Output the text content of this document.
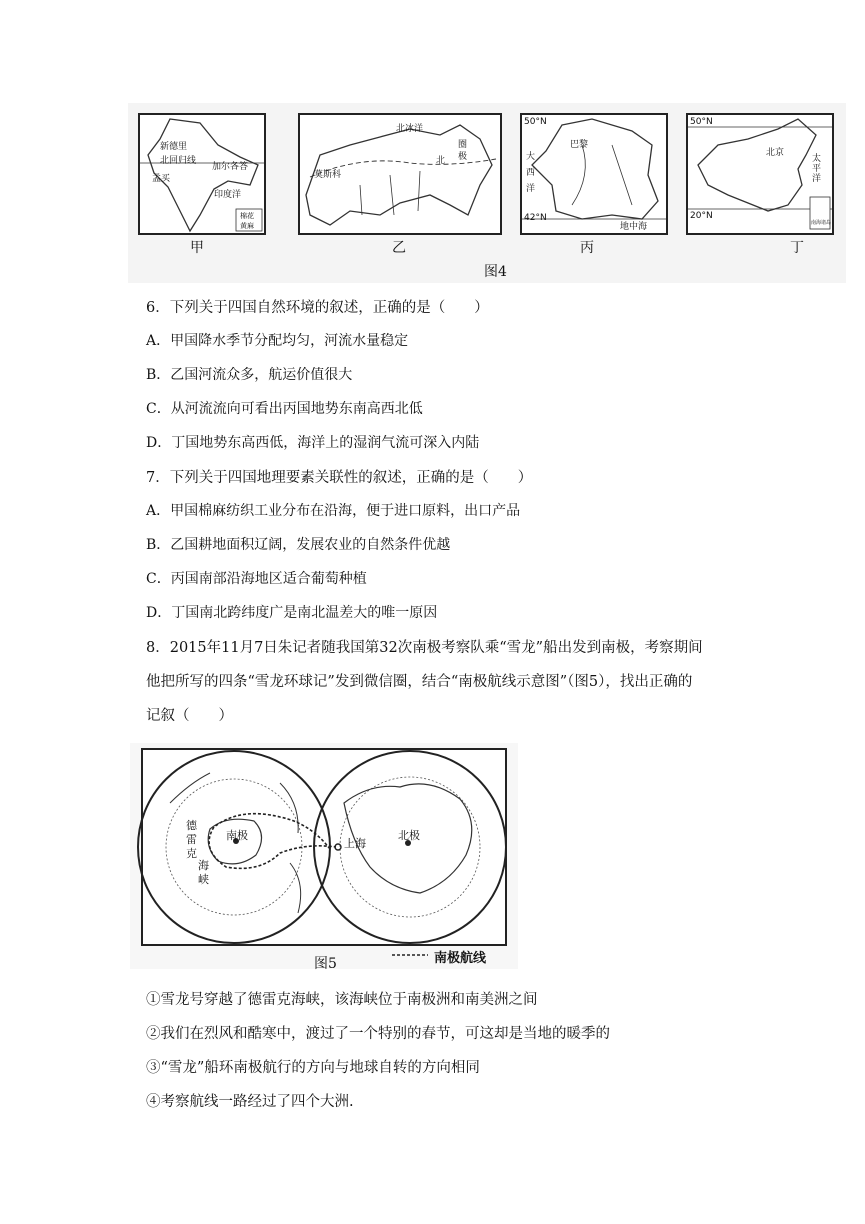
新德里
北回归线
加尔各答
孟买
印度洋
棉花
黄麻
甲
北冰洋
莫斯科
北
圈
极
乙
50°N
巴黎
大
西
洋
42°N
地中海
丙
50°N
北京
太
平
洋
20°N
南海诸岛
丁
图4
6．下列关于四国自然环境的叙述，正确的是（　　）
A．甲国降水季节分配均匀，河流水量稳定
B．乙国河流众多，航运价值很大
C．从河流流向可看出丙国地势东南高西北低
D．丁国地势东高西低，海洋上的湿润气流可深入内陆
7．下列关于四国地理要素关联性的叙述，正确的是（　　）
A．甲国棉麻纺织工业分布在沿海，便于进口原料，出口产品
B．乙国耕地面积辽阔，发展农业的自然条件优越
C．丙国南部沿海地区适合葡萄种植
D．丁国南北跨纬度广是南北温差大的唯一原因
8．2015年11月7日朱记者随我国第32次南极考察队乘“雪龙”船出发到南极，考察期间
他把所写的四条“雪龙环球记”发到微信圈，结合“南极航线示意图”（图5），找出正确的
记叙（　　）
德
雷
克
海
峡
南极
上海
北极
南极航线
图5
①雪龙号穿越了德雷克海峡，该海峡位于南极洲和南美洲之间
②我们在烈风和酷寒中，渡过了一个特别的春节，可这却是当地的暖季的
③“雪龙”船环南极航行的方向与地球自转的方向相同
④考察航线一路经过了四个大洲.
